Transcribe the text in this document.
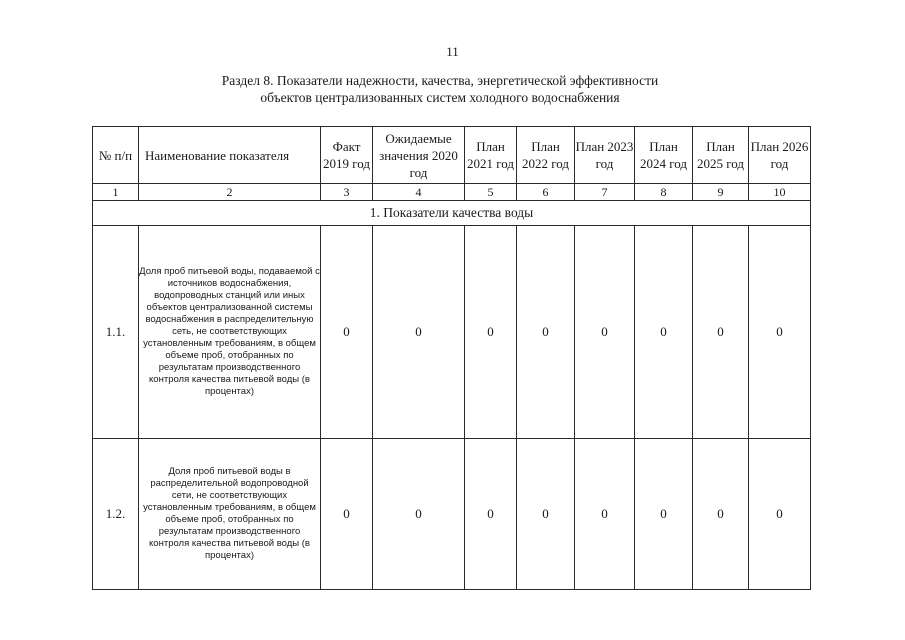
11
Раздел 8. Показатели надежности, качества, энергетической эффективности
объектов централизованных систем холодного водоснабжения
№ п/п	Наименование показателя	Факт 2019 год	Ожидаемые значения 2020 год	План 2021 год	План 2022 год	План 2023 год	План 2024 год	План 2025 год	План 2026 год
1	2	3	4	5	6	7	8	9	10
1. Показатели качества воды									
1.1.	Доля проб питьевой воды, подаваемой с источников водоснабжения, водопроводных станций или иных объектов централизованной системы водоснабжения в распределительную сеть, не соответствующих установленным требованиям, в общем объеме проб, отобранных по результатам производственного контроля качества питьевой воды (в процентах)	0	0	0	0	0	0	0	0
1.2.	Доля проб питьевой воды в распределительной водопроводной сети, не соответствующих установленным требованиям, в общем объеме проб, отобранных по результатам производственного контроля качества питьевой воды (в процентах)	0	0	0	0	0	0	0	0
